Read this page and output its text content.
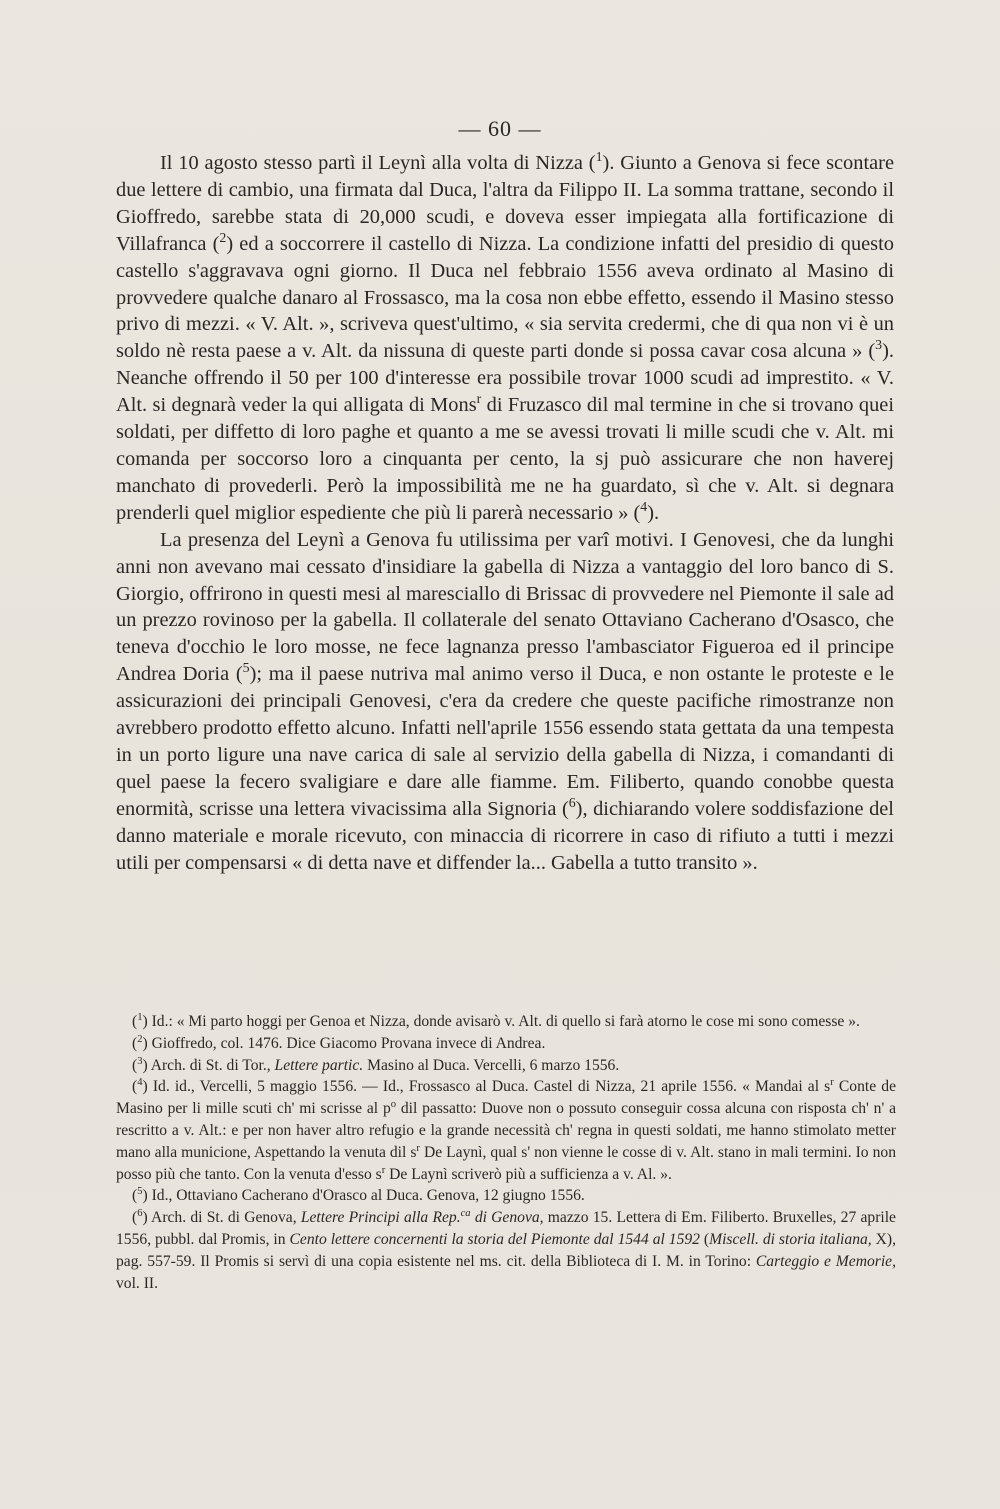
— 60 —

Il 10 agosto stesso partì il Leynì alla volta di Nizza ($^1$). Giunto a Genova si fece scontare due lettere di cambio, una firmata dal Duca, l'altra da Filippo II. La somma trattane, secondo il Gioffredo, sarebbe stata di 20,000 scudi, e doveva esser impiegata alla fortificazione di Villafranca ($^2$) ed a soccorrere il castello di Nizza. La condizione infatti del presidio di questo castello s'aggravava ogni giorno. Il Duca nel febbraio 1556 aveva ordinato al Masino di provvedere qualche danaro al Frossasco, ma la cosa non ebbe effetto, essendo il Masino stesso privo di mezzi. « V. Alt. », scriveva quest'ultimo, « sia servita credermi, che di qua non vi è un soldo nè resta paese a v. Alt. da nissuna di queste parti donde si possa cavar cosa alcuna » ($^3$). Neanche offrendo il 50 per 100 d'interesse era possibile trovar 1000 scudi ad imprestito. « V. Alt. si degnarà veder la qui alligata di Mons$^r$ di Fruzasco dil mal termine in che si trovano quei soldati, per diffetto di loro paghe et quanto a me se avessi trovati li mille scudi che v. Alt. mi comanda per soccorso loro a cinquanta per cento, la sj può assicurare che non haverej manchato di provederli. Però la impossibilità me ne ha guardato, sì che v. Alt. si degnara prenderli quel miglior espediente che più li parerà necessario » ($^4$).

La presenza del Leynì a Genova fu utilissima per varî motivi. I Genovesi, che da lunghi anni non avevano mai cessato d'insidiare la gabella di Nizza a vantaggio del loro banco di S. Giorgio, offrirono in questi mesi al maresciallo di Brissac di provvedere nel Piemonte il sale ad un prezzo rovinoso per la gabella. Il collaterale del senato Ottaviano Cacherano d'Osasco, che teneva d'occhio le loro mosse, ne fece lagnanza presso l'ambasciator Figueroa ed il principe Andrea Doria ($^5$); ma il paese nutriva mal animo verso il Duca, e non ostante le proteste e le assicurazioni dei principali Genovesi, c'era da credere che queste pacifiche rimostranze non avrebbero prodotto effetto alcuno. Infatti nell'aprile 1556 essendo stata gettata da una tempesta in un porto ligure una nave carica di sale al servizio della gabella di Nizza, i comandanti di quel paese la fecero svaligiare e dare alle fiamme. Em. Filiberto, quando conobbe questa enormità, scrisse una lettera vivacissima alla Signoria ($^6$), dichiarando volere soddisfazione del danno materiale e morale ricevuto, con minaccia di ricorrere in caso di rifiuto a tutti i mezzi utili per compensarsi « di detta nave et diffender la... Gabella a tutto transito ».

($^1$) Id.: « Mi parto hoggi per Genoa et Nizza, donde avisarò v. Alt. di quello si farà atorno le cose mi sono comesse ».

($^2$) Gioffredo, col. 1476. Dice Giacomo Provana invece di Andrea.

($^3$) Arch. di St. di Tor., Lettere partic. Masino al Duca. Vercelli, 6 marzo 1556.

($^4$) Id. id., Vercelli, 5 maggio 1556. — Id., Frossasco al Duca. Castel di Nizza, 21 aprile 1556. « Mandai al $s^r$ Conte de Masino per li mille scuti ch' mi scrisse al $p^o$ dil passatto: Duove non o possuto conseguir cossa alcuna con risposta ch' n' a rescritto a v. Alt.: e per non haver altro refugio e la grande necessità ch' regna in questi soldati, me hanno stimolato metter mano alla municione, Aspettando la venuta dil $s^r$ De Laynì, qual s' non vienne le cosse di v. Alt. stano in mali termini. Io non posso più che tanto. Con la venuta d'esso $s^r$ De Laynì scriverò più a sufficienza a v. Al. ».

($^5$) Id., Ottaviano Cacherano d'Orasco al Duca. Genova, 12 giugno 1556.

($^6$) Arch. di St. di Genova, Lettere Principi alla Rep.$^{ca}$ di Genova, mazzo 15. Lettera di Em. Filiberto. Bruxelles, 27 aprile 1556, pubbl. dal Promis, in Cento lettere concernenti la storia del Piemonte dal 1544 al 1592 (Miscell. di storia italiana, X), pag. 557-59. Il Promis si servì di una copia esistente nel ms. cit. della Biblioteca di I. M. in Torino: Carteggio e Memorie, vol. II.
